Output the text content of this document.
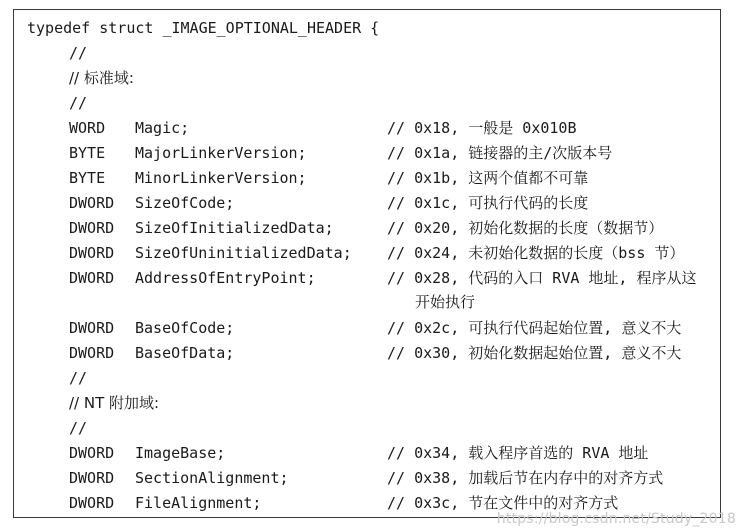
typedef struct _IMAGE_OPTIONAL_HEADER {
//
// 标准域:
//
WORD Magic;	// 0x18, 一般是 0x010B
BYTE MajorLinkerVersion;	// 0x1a, 链接器的主/次版本号
BYTE MinorLinkerVersion;	// 0x1b, 这两个值都不可靠
DWORD SizeOfCode;	// 0x1c, 可执行代码的长度
DWORD SizeOfInitializedData;	// 0x20, 初始化数据的长度（数据节）
DWORD SizeOfUninitializedData; // 0x24, 未初始化数据的长度（bss 节）
DWORD AddressOfEntryPoint;	// 0x28, 代码的入口 RVA 地址, 程序从这
开始执行
DWORD BaseOfCode;	// 0x2c, 可执行代码起始位置, 意义不大
DWORD BaseOfData;	// 0x30, 初始化数据起始位置, 意义不大
//
// NT 附加域:
//
DWORD ImageBase;	// 0x34, 载入程序首选的 RVA 地址
DWORD SectionAlignment;	// 0x38, 加载后节在内存中的对齐方式
DWORD FileAlignment;	// 0x3c, 节在文件中的对齐方式
https://blog.csdn.net/Study_2018
